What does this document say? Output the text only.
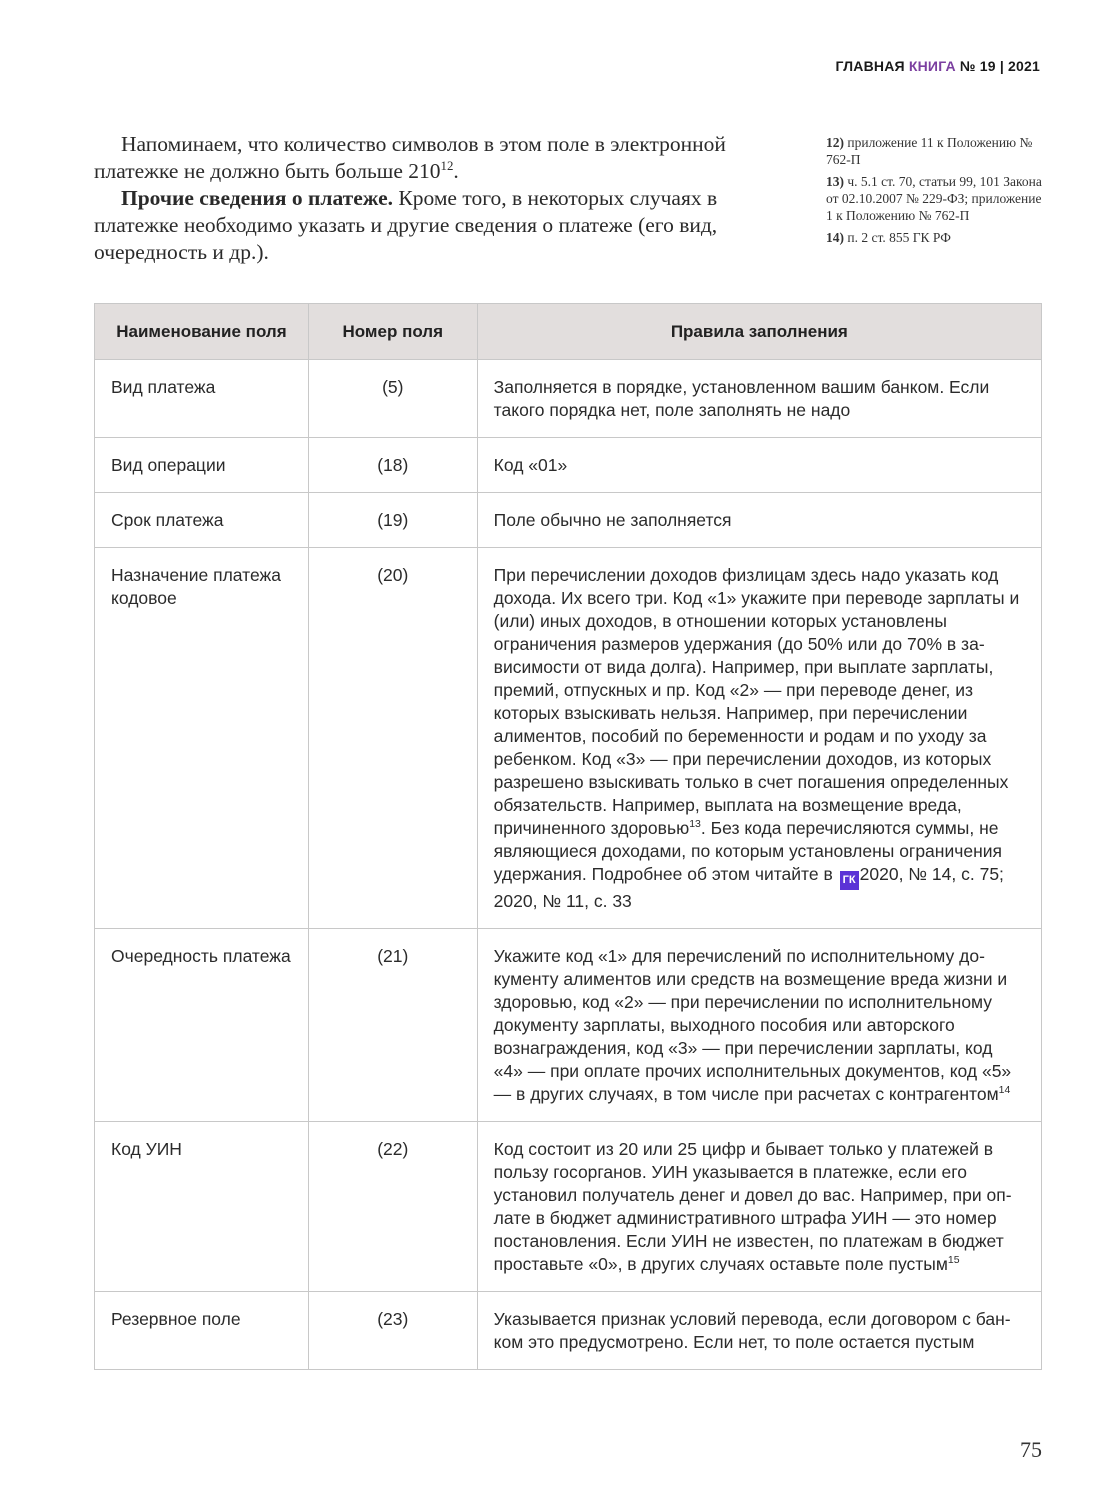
ГЛАВНАЯ КНИГА № 19 | 2021

Напоминаем, что количество символов в этом поле в электронной платежке не должно быть больше $210^{12}$.

Прочие сведения о платеже. Кроме того, в некоторых случаях в платежке необходимо указать и другие сведения о платеже (его вид, очередность и др.).

12) приложение 11 к Положению № 762-П
13) ч. 5.1 ст. 70, статьи 99, 101 Закона от 02.10.2007 № 229-ФЗ; приложение 1 к Положению № 762-П
14) п. 2 ст. 855 ГК РФ
Наименование поля	Номер поля	Правила заполнения
Вид платежа	(5)	Заполняется в порядке, установленном вашим банком. Если такого порядка нет, поле заполнять не надо
Вид операции	(18)	Код «01»
Срок платежа	(19)	Поле обычно не заполняется
Назначение платежа кодовое	(20)	При перечислении доходов физлицам здесь надо указать код дохода. Их всего три. Код «1» укажите при переводе зарплаты и (или) иных доходов, в отношении которых установлены ограничения размеров удержания (до 50% или до 70% в зависимости от вида долга). Например, при выплате зарплаты, премий, отпускных и пр. Код «2» — при переводе денег, из которых взыскивать нельзя. Например, при перечислении алиментов, пособий по беременности и родам и по уходу за ребенком. Код «3» — при перечислении доходов, из которых разрешено взыскивать только в счет погашения определенных обязательств. Например, выплата на возмещение вреда, причиненного здоровью$^{13}$. Без кода перечисляются суммы, не являющиеся доходами, по которым установлены ограничения удержания. Подробнее об этом читайте в ГК 2020, № 14, с. 75; 2020, № 11, с. 33
Очередность платежа	(21)	Укажите код «1» для перечислений по исполнительному документу алиментов или средств на возмещение вреда жизни и здоровью, код «2» — при перечислении по исполнительному документу зарплаты, выходного пособия или авторского вознаграждения, код «3» — при перечислении зарплаты, код «4» — при оплате прочих исполнительных документов, код «5» — в других случаях, в том числе при расчетах с контрагентом$^{14}$
Код УИН	(22)	Код состоит из 20 или 25 цифр и бывает только у платежей в пользу госорганов. УИН указывается в платежке, если его установил получатель денег и довел до вас. Например, при оплате в бюджет административного штрафа УИН — это номер постановления. Если УИН не известен, по платежам в бюджет проставьте «0», в других случаях оставьте поле пустым$^{15}$
Резервное поле	(23)	Указывается признак условий перевода, если договором с банком это предусмотрено. Если нет, то поле остается пустым
75
